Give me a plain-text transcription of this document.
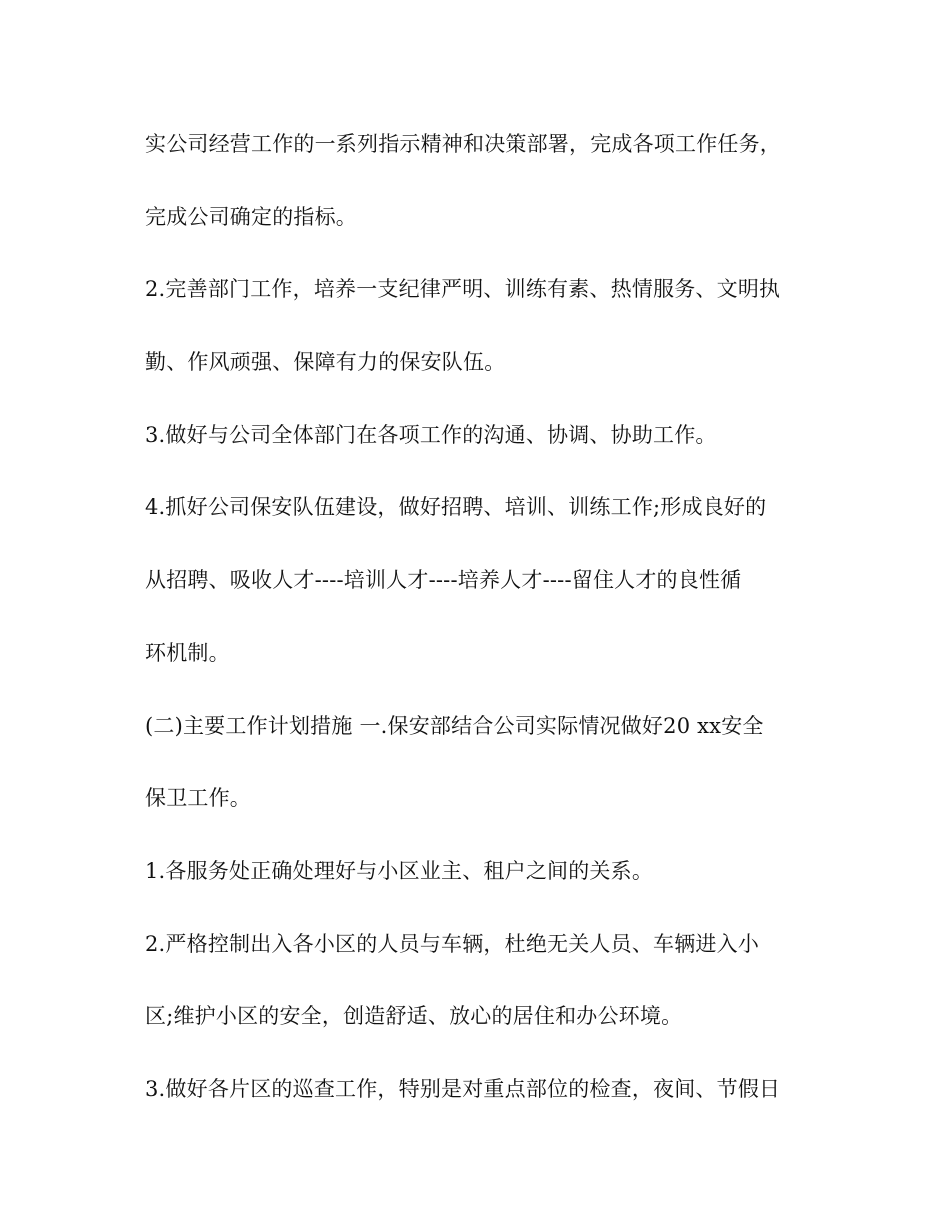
实公司经营工作的一系列指示精神和决策部署，完成各项工作任务，
完成公司确定的指标。
2.完善部门工作，培养一支纪律严明、训练有素、热情服务、文明执
勤、作风顽强、保障有力的保安队伍。
3.做好与公司全体部门在各项工作的沟通、协调、协助工作。
4.抓好公司保安队伍建设，做好招聘、培训、训练工作;形成良好的
从招聘、吸收人才----培训人才----培养人才----留住人才的良性循
环机制。
(二)主要工作计划措施 一.保安部结合公司实际情况做好20 xx安全
保卫工作。
1.各服务处正确处理好与小区业主、租户之间的关系。
2.严格控制出入各小区的人员与车辆，杜绝无关人员、车辆进入小
区;维护小区的安全，创造舒适、放心的居住和办公环境。
3.做好各片区的巡查工作，特别是对重点部位的检查，夜间、节假日
